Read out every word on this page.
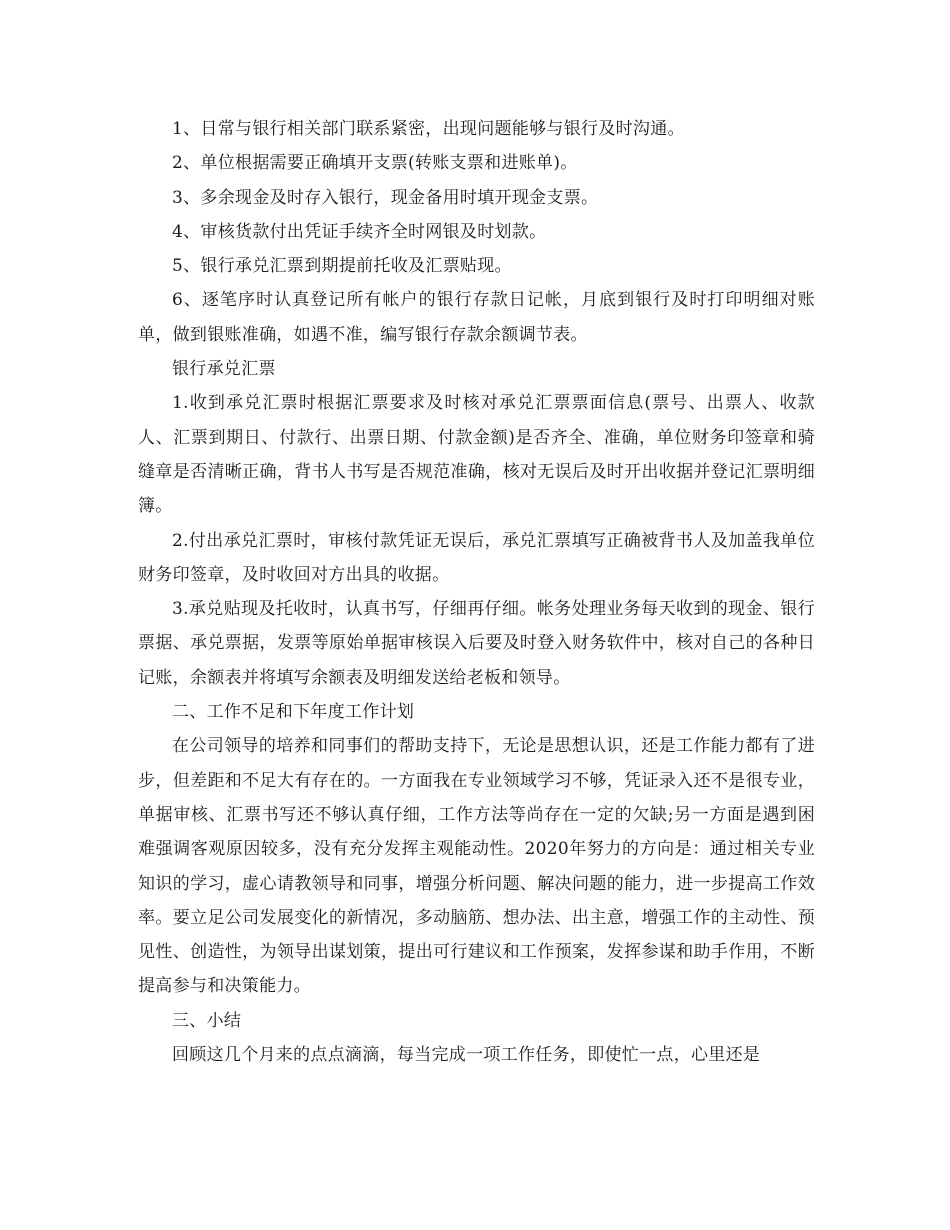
1、日常与银行相关部门联系紧密，出现问题能够与银行及时沟通。

2、单位根据需要正确填开支票(转账支票和进账单)。

3、多余现金及时存入银行，现金备用时填开现金支票。

4、审核货款付出凭证手续齐全时网银及时划款。

5、银行承兑汇票到期提前托收及汇票贴现。

6、逐笔序时认真登记所有帐户的银行存款日记帐，月底到银行及时打印明细对账单，做到银账准确，如遇不准，编写银行存款余额调节表。

银行承兑汇票

1.收到承兑汇票时根据汇票要求及时核对承兑汇票票面信息(票号、出票人、收款人、汇票到期日、付款行、出票日期、付款金额)是否齐全、准确，单位财务印签章和骑缝章是否清晰正确，背书人书写是否规范准确，核对无误后及时开出收据并登记汇票明细簿。

2.付出承兑汇票时，审核付款凭证无误后，承兑汇票填写正确被背书人及加盖我单位财务印签章，及时收回对方出具的收据。

3.承兑贴现及托收时，认真书写，仔细再仔细。帐务处理业务每天收到的现金、银行票据、承兑票据，发票等原始单据审核误入后要及时登入财务软件中，核对自己的各种日记账，余额表并将填写余额表及明细发送给老板和领导。

二、工作不足和下年度工作计划

在公司领导的培养和同事们的帮助支持下，无论是思想认识，还是工作能力都有了进步，但差距和不足大有存在的。一方面我在专业领域学习不够，凭证录入还不是很专业，单据审核、汇票书写还不够认真仔细，工作方法等尚存在一定的欠缺;另一方面是遇到困难强调客观原因较多，没有充分发挥主观能动性。2020年努力的方向是：通过相关专业知识的学习，虚心请教领导和同事，增强分析问题、解决问题的能力，进一步提高工作效率。要立足公司发展变化的新情况，多动脑筋、想办法、出主意，增强工作的主动性、预见性、创造性，为领导出谋划策，提出可行建议和工作预案，发挥参谋和助手作用，不断提高参与和决策能力。

三、小结

回顾这几个月来的点点滴滴，每当完成一项工作任务，即使忙一点，心里还是
